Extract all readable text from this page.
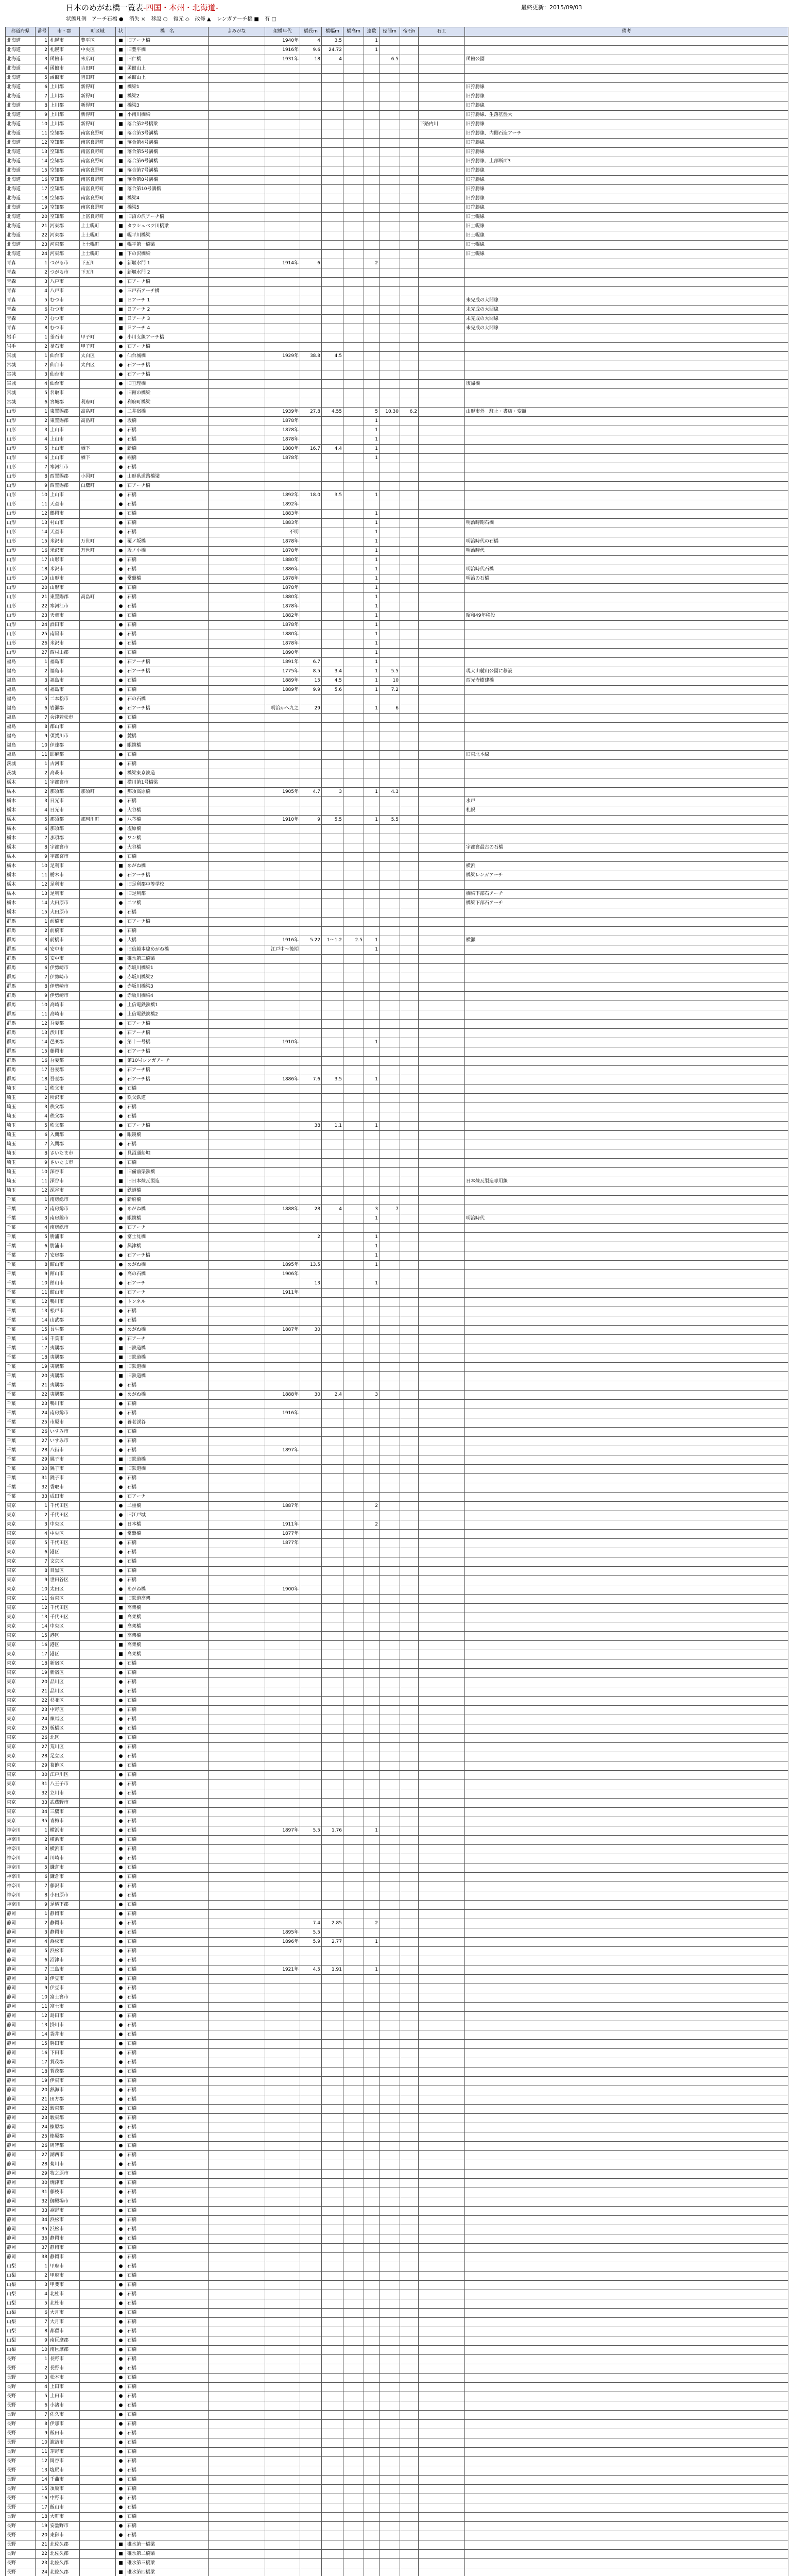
日本のめがね橋一覧表-四国・本州・北海道-	最終更新：2015/09/03
状態凡例　アーチ石橋 ● 消失 × 移設 ○ 復元 ◇ 改修 ▲ レンガアーチ橋 ■ 有 □
都道府県	番号	市・郡	町区域	状	橋　名	よみがな	架橋年代	橋長m	橋幅m	橋高m	連数	径間m	帝石h	石工	備考	
北海道	1	札幌市	豊平区	■	旧アーチ橋		1940年	4	3.5		1					
北海道	2	札幌市	中央区	■	旧豊平橋		1916年	9.6	24.72		1					
北海道	3	函館市	末広町	■	旧仁橋		1931年	18	4			6.5			函館公園	
北海道	4	函館市	吉田町	■	函館山上											
北海道	5	函館市	吉田町	■	函館山上											
北海道	6	上川郡	新得町	■	橋梁1										旧狩勝線	
北海道	7	上川郡	新得町	■	橋梁2										旧狩勝線	
北海道	8	上川郡	新得町	■	橋梁3										旧狩勝線	
北海道	9	上川郡	新得町	■	小南川橋梁										旧狩勝線、生落基盤大	
北海道	10	上川郡	新得町	■	落合第2号橋梁									下路内川	旧狩勝線	
北海道	11	空知郡	南富良野町	■	落合第3号溝橋										旧狩勝線、内側石造アーチ	
北海道	12	空知郡	南富良野町	■	落合第4号溝橋										旧狩勝線	
北海道	13	空知郡	南富良野町	■	落合第5号溝橋										旧狩勝線	
北海道	14	空知郡	南富良野町	■	落合第6号溝橋										旧狩勝線、上部断面3	
北海道	15	空知郡	南富良野町	■	落合第7号溝橋										旧狩勝線	
北海道	16	空知郡	南富良野町	■	落合第8号溝橋										旧狩勝線	
北海道	17	空知郡	南富良野町	■	落合第10号溝橋										旧狩勝線	
北海道	18	空知郡	南富良野町	■	橋梁4										旧狩勝線	
北海道	19	空知郡	南富良野町	■	橋梁5										旧狩勝線	
北海道	20	空知郡	上富良野町	■	旧沼の沢アーチ橋										旧士幌線	
北海道	21	河東郡	上士幌町	■	タウシュベツ川橋梁										旧士幌線	
北海道	22	河東郡	上士幌町	■	幌平川橋梁										旧士幌線	
北海道	23	河東郡	上士幌町	■	幌平第一橋梁										旧士幌線	
北海道	24	河東郡	上士幌町	■	下の沢橋梁										旧士幌線	
青森	1	つがる市	下五川	●	新堰水門 1		1914年	6			2					
青森	2	つがる市	下五川	●	新堰水門 2											
青森	3	八戸市		●	石アーチ橋											
青森	4	八戸市		●	三戸石アーチ橋											
青森	5	むつ市		■	Ｅアーチ 1										未完成の大間線	
青森	6	むつ市		■	Ｅアーチ 2										未完成の大間線	
青森	7	むつ市		■	Ｅアーチ 3										未完成の大間線	
青森	8	むつ市		■	Ｅアーチ 4										未完成の大間線	
岩手	1	釜石市	甲子町	●	小川支線アーチ橋											
岩手	2	釜石市	甲子町	●	石アーチ橋											
宮城	1	仙台市	太白区	●	仙台城橋		1929年	38.8	4.5							
宮城	2	仙台市	太白区	●	石アーチ橋											
宮城	3	仙台市		●	石アーチ橋											
宮城	4	仙台市		●	旧亘理橋										復帰橋	
宮城	5	名取市		●	旧館の橋梁											
宮城	6	宮城郡	利府町	●	利府町橋梁											
山形	1	東置賜郡	高畠町	●	二井宿橋		1939年	27.8	4.55		5	10.30	6.2		山形市外　駐止・書店・変額	
山形	2	東置賜郡	高畠町	●	坂橋		1878年				1					
山形	3	上山市		●	石橋		1878年				1					
山形	4	上山市		●	石橋		1878年				1					
山形	5	上山市	楢下	●	新橋		1880年	16.7	4.4		1					
山形	6	上山市	楢下	●	覗橋		1878年				1					
山形	7	寒河江市		●	石橋											
山形	8	西置賜郡	小国町	●	山形県道路橋梁											
山形	9	西置賜郡	白鷹町	●	石アーチ橋											
山形	10	上山市		●	石橋		1892年	18.0	3.5		1					
山形	11	天童市		●	石橋		1892年									
山形	12	鶴岡市		●	石橋		1883年				1					
山形	13	村山市		●	石橋		1883年				1				明治時期石橋	
山形	14	天童市		●	石橋		不明				1					
山形	15	米沢市	万世町	●	覆ノ坂橋		1878年				1				明治時代の石橋	
山形	16	米沢市	万世町	●	坂ノ小橋		1878年				1				明治時代	
山形	17	山形市		●	石橋		1880年				1					
山形	18	米沢市		●	石橋		1886年				1				明治時代石橋	
山形	19	山形市		●	常盤橋		1878年				1				明治の石橋	
山形	20	山形市		●	石橋		1878年				1					
山形	21	東置賜郡	高畠町	●	石橋		1880年				1					
山形	22	寒河江市		●	石橋		1878年				1					
山形	23	天童市		●	石橋		1882年				1				昭和49年移設	
山形	24	酒田市		●	石橋		1878年				1					
山形	25	南陽市		●	石橋		1880年				1					
山形	26	米沢市		●	石橋		1878年				1					
山形	27	西村山郡		●	石橋		1890年				1					
福島	1	福島市		●	石アーチ橋		1891年	6.7			1					
福島	2	福島市		●	石アーチ橋		1775年	8.5	3.4		1	5.5			現大山麓山公園に移設	
福島	3	福島市		●	石橋		1889年	15	4.5		1	10			西光寺樹建橋	
福島	4	福島市		●	石橋		1889年	9.9	5.6		1	7.2				
福島	5	二本松市		●	石の石橋											
福島	6	岩瀬郡		●	石アーチ橋		明治かへ九之	29			1	6				
福島	7	会津若松市		●	石橋											
福島	8	郡山市		●	石橋											
福島	9	須賀川市		●	麓橋											
福島	10	伊達郡		●	眼鏡橋											
福島	11	耶麻郡		●	石橋										旧東北本線	
茨城	1	古河市		●	石橋											
茨城	2	高萩市		●	橋梁東京鉄道											
栃木	1	宇都宮市		■	横川第1号橋梁											
栃木	2	那須郡	那須町	●	那須高原橋		1905年	4.7	3		1	4.3				
栃木	3	日光市		●	石橋										水戸	
栃木	4	日光市		●	大谷橋										札幌	
栃木	5	那須郡	那珂川町	●	八茎橋		1910年	9	5.5		1	5.5				
栃木	6	那須郡		●	塩原橋											
栃木	7	那須郡		●	ワン橋											
栃木	8	宇都宮市		●	大谷橋										宇都宮最古の石橋	
栃木	9	宇都宮市		●	石橋											
栃木	10	足利市		■	めがね橋										横浜	
栃木	11	栃木市		●	石アーチ橋										橋梁レンガアーチ	
栃木	12	足利市		●	旧足利郡中等学校											
栃木	13	足利市		●	旧足利郡										橋梁下部石アーチ	
栃木	14	大田原市		●	二ツ橋										橋梁下部石アーチ	
栃木	15	大田原市		●	石橋											
群馬	1	前橋市		●	石アーチ橋											
群馬	2	前橋市		●	石橋											
群馬	3	前橋市		●	大橋		1916年	5.22	1～1.2	2.5	1				横瀬	
群馬	4	安中市		●	旧信越本線めがね橋		江戸中～後期				1					
群馬	5	安中市		■	碓氷第三橋梁											
群馬	6	伊勢崎市		●	赤坂川橋梁1											
群馬	7	伊勢崎市		●	赤坂川橋梁2											
群馬	8	伊勢崎市		●	赤坂川橋梁3											
群馬	9	伊勢崎市		●	赤坂川橋梁4											
群馬	10	高崎市		●	上信電鉄鉄橋1											
群馬	11	高崎市		●	上信電鉄鉄橋2											
群馬	12	吾妻郡		●	石アーチ橋											
群馬	13	渋川市		●	石アーチ橋											
群馬	14	邑楽郡		●	第十一号橋		1910年				1					
群馬	15	藤岡市		●	石アーチ橋											
群馬	16	吾妻郡		■	第10号レンガアーチ											
群馬	17	吾妻郡		●	石アーチ橋											
群馬	18	吾妻郡		●	石アーチ橋		1886年	7.6	3.5		1					
埼玉	1	秩父市		●	石橋											
埼玉	2	所沢市		●	秩父鉄道											
埼玉	3	秩父郡		●	石橋											
埼玉	4	秩父郡		●	石橋											
埼玉	5	秩父郡		●	石アーチ橋			38	1.1		1					
埼玉	6	入間郡		●	眼鏡橋											
埼玉	7	入間郡		●	石橋											
埼玉	8	さいたま市		●	見沼通船堀											
埼玉	9	さいたま市		●	石橋											
埼玉	10	深谷市		■	旧備前渠鉄橋											
埼玉	11	深谷市		■	旧日本煉瓦製造										日本煉瓦製造専用線	
埼玉	12	深谷市		■	鉄道橋											
千葉	1	南房総市		●	新府橋											
千葉	2	南房総市		●	めがね橋		1888年	28	4		3	7				
千葉	3	南房総市		●	眼鏡橋						1				明治時代	
千葉	4	南房総市		●	石アーチ											
千葉	5	勝浦市		●	富士見橋			2			1					
千葉	6	勝浦市		●	興津橋						1					
千葉	7	安房郡		●	石アーチ橋						1					
千葉	8	館山市		●	めがね橋		1895年	13.5			1					
千葉	9	館山市		●	高の石橋		1906年									
千葉	10	館山市		●	石アーチ			13			1					
千葉	11	館山市		●	石アーチ		1911年									
千葉	12	鴨川市		●	トンネル											
千葉	13	松戸市		●	石橋											
千葉	14	山武郡		●	石橋											
千葉	15	長生郡		●	めがね橋		1887年	30								
千葉	16	千葉市		●	石アーチ											
千葉	17	夷隅郡		■	旧鉄道橋											
千葉	18	夷隅郡		■	旧鉄道橋											
千葉	19	夷隅郡		■	旧鉄道橋											
千葉	20	夷隅郡		■	旧鉄道橋											
千葉	21	夷隅郡		●	石橋											
千葉	22	夷隅郡		●	めがね橋		1888年	30	2.4		3					
千葉	23	鴨川市		●	石橋											
千葉	24	南房総市		●	石橋		1916年									
千葉	25	市原市		●	養老渓谷											
千葉	26	いすみ市		●	石橋											
千葉	27	いすみ市		●	石橋											
千葉	28	八街市		●	石橋		1897年									
千葉	29	銚子市		■	旧鉄道橋											
千葉	30	銚子市		■	旧鉄道橋											
千葉	31	銚子市		●	石橋											
千葉	32	香取市		●	石橋											
千葉	33	成田市		●	石アーチ											
東京	1	千代田区		●	二重橋		1887年				2					
東京	2	千代田区		●	旧江戸城											
東京	3	中央区		●	日本橋		1911年				2					
東京	4	中央区		●	常盤橋		1877年									
東京	5	千代田区		●	石橋		1877年									
東京	6	港区		●	石橋											
東京	7	文京区		●	石橋											
東京	8	目黒区		●	石橋											
東京	9	世田谷区		●	石橋											
東京	10	太田区		●	めがね橋		1900年									
東京	11	台東区		■	旧鉄道高架											
東京	12	千代田区		■	高架橋											
東京	13	千代田区		■	高架橋											
東京	14	中央区		■	高架橋											
東京	15	港区		■	高架橋											
東京	16	港区		■	高架橋											
東京	17	港区		■	高架橋											
東京	18	新宿区		●	石橋											
東京	19	新宿区		●	石橋											
東京	20	品川区		●	石橋											
東京	21	品川区		●	石橋											
東京	22	杉並区		●	石橋											
東京	23	中野区		●	石橋											
東京	24	練馬区		●	石橋											
東京	25	板橋区		●	石橋											
東京	26	北区		●	石橋											
東京	27	荒川区		●	石橋											
東京	28	足立区		●	石橋											
東京	29	葛飾区		●	石橋											
東京	30	江戸川区		●	石橋											
東京	31	八王子市		●	石橋											
東京	32	立川市		●	石橋											
東京	33	武蔵野市		●	石橋											
東京	34	三鷹市		●	石橋											
東京	35	青梅市		●	石橋											
神奈川	1	横浜市		●	石橋		1897年	5.5	1.76		1					
神奈川	2	横浜市		●	石橋											
神奈川	3	横浜市		●	石橋											
神奈川	4	川崎市		●	石橋											
神奈川	5	鎌倉市		●	石橋											
神奈川	6	鎌倉市		●	石橋											
神奈川	7	藤沢市		●	石橋											
神奈川	8	小田原市		●	石橋											
神奈川	9	足柄下郡		●	石橋											
静岡	1	静岡市		●	石橋											
静岡	2	静岡市		●	石橋			7.4	2.85		2					
静岡	3	静岡市		●	石橋		1895年	5.5								
静岡	4	浜松市		●	石橋		1896年	5.9	2.77		1					
静岡	5	浜松市		●	石橋											
静岡	6	沼津市		●	石橋											
静岡	7	三島市		●	石橋		1921年	4.5	1.91		1					
静岡	8	伊豆市		●	石橋											
静岡	9	伊豆市		●	石橋											
静岡	10	富士宮市		●	石橋											
静岡	11	富士市		●	石橋											
静岡	12	島田市		●	石橋											
静岡	13	掛川市		●	石橋											
静岡	14	袋井市		●	石橋											
静岡	15	磐田市		●	石橋											
静岡	16	下田市		●	石橋											
静岡	17	賀茂郡		●	石橋											
静岡	18	賀茂郡		●	石橋											
静岡	19	伊東市		●	石橋											
静岡	20	熱海市		●	石橋											
静岡	21	田方郡		●	石橋											
静岡	22	駿東郡		●	石橋											
静岡	23	駿東郡		●	石橋											
静岡	24	榛原郡		●	石橋											
静岡	25	榛原郡		●	石橋											
静岡	26	周智郡		●	石橋											
静岡	27	湖西市		●	石橋											
静岡	28	菊川市		●	石橋											
静岡	29	牧之原市		●	石橋											
静岡	30	焼津市		●	石橋											
静岡	31	藤枝市		●	石橋											
静岡	32	御殿場市		●	石橋											
静岡	33	裾野市		●	石橋											
静岡	34	浜松市		●	石橋											
静岡	35	浜松市		●	石橋											
静岡	36	静岡市		●	石橋											
静岡	37	静岡市		●	石橋											
静岡	38	静岡市		●	石橋											
山梨	1	甲府市		●	石橋											
山梨	2	甲府市		●	石橋											
山梨	3	甲斐市		●	石橋											
山梨	4	北杜市		●	石橋											
山梨	5	北杜市		●	石橋											
山梨	6	大月市		●	石橋											
山梨	7	大月市		●	石橋											
山梨	8	都留市		●	石橋											
山梨	9	南巨摩郡		●	石橋											
山梨	10	南巨摩郡		●	石橋											
長野	1	長野市		●	石橋											
長野	2	長野市		●	石橋											
長野	3	松本市		●	石橋											
長野	4	上田市		●	石橋											
長野	5	上田市		●	石橋											
長野	6	小諸市		●	石橋											
長野	7	佐久市		●	石橋											
長野	8	伊那市		●	石橋											
長野	9	飯田市		●	石橋											
長野	10	諏訪市		●	石橋											
長野	11	茅野市		●	石橋											
長野	12	岡谷市		●	石橋											
長野	13	塩尻市		●	石橋											
長野	14	千曲市		●	石橋											
長野	15	須坂市		●	石橋											
長野	16	中野市		●	石橋											
長野	17	飯山市		●	石橋											
長野	18	大町市		●	石橋											
長野	19	安曇野市		●	石橋											
長野	20	東御市		●	石橋											
長野	21	北佐久郡		■	碓氷第一橋梁											
長野	22	北佐久郡		■	碓氷第二橋梁											
長野	23	北佐久郡		■	碓氷第三橋梁											
長野	24	北佐久郡		■	碓氷第四橋梁											
